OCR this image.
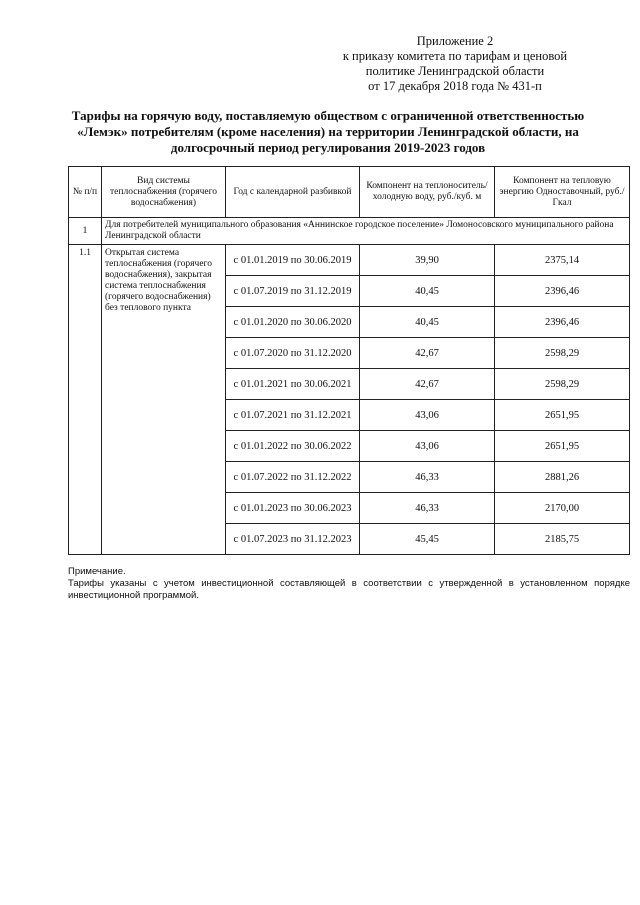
Приложение 2
к приказу комитета по тарифам и ценовой
политике Ленинградской области
от 17 декабря 2018 года № 431-п
Тарифы на горячую воду, поставляемую обществом с ограниченной ответственностью
«Лемэк» потребителям (кроме населения) на территории Ленинградской области, на
долгосрочный период регулирования 2019-2023 годов
№ п/п	Вид системы теплоснабжения (горячего водоснабжения)	Год с календарной разбивкой	Компонент на теплоноситель/холодную воду, руб./куб. м	Компонент на тепловую энергию Одноставочный, руб./Гкал
1	Для потребителей муниципального образования «Аннинское городское поселение» Ломоносовского муниципального района Ленинградской области			
1.1	Открытая система теплоснабжения (горячего водоснабжения), закрытая система теплоснабжения (горячего водоснабжения) без теплового пункта	с 01.01.2019 по 30.06.2019	39,90	2375,14
		с 01.07.2019 по 31.12.2019	40,45	2396,46
		с 01.01.2020 по 30.06.2020	40,45	2396,46
		с 01.07.2020 по 31.12.2020	42,67	2598,29
		с 01.01.2021 по 30.06.2021	42,67	2598,29
		с 01.07.2021 по 31.12.2021	43,06	2651,95
		с 01.01.2022 по 30.06.2022	43,06	2651,95
		с 01.07.2022 по 31.12.2022	46,33	2881,26
		с 01.01.2023 по 30.06.2023	46,33	2170,00
		с 01.07.2023 по 31.12.2023	45,45	2185,75
Примечание.
Тарифы указаны с учетом инвестиционной составляющей в соответствии с утвержденной в установленном порядке инвестиционной программой.
